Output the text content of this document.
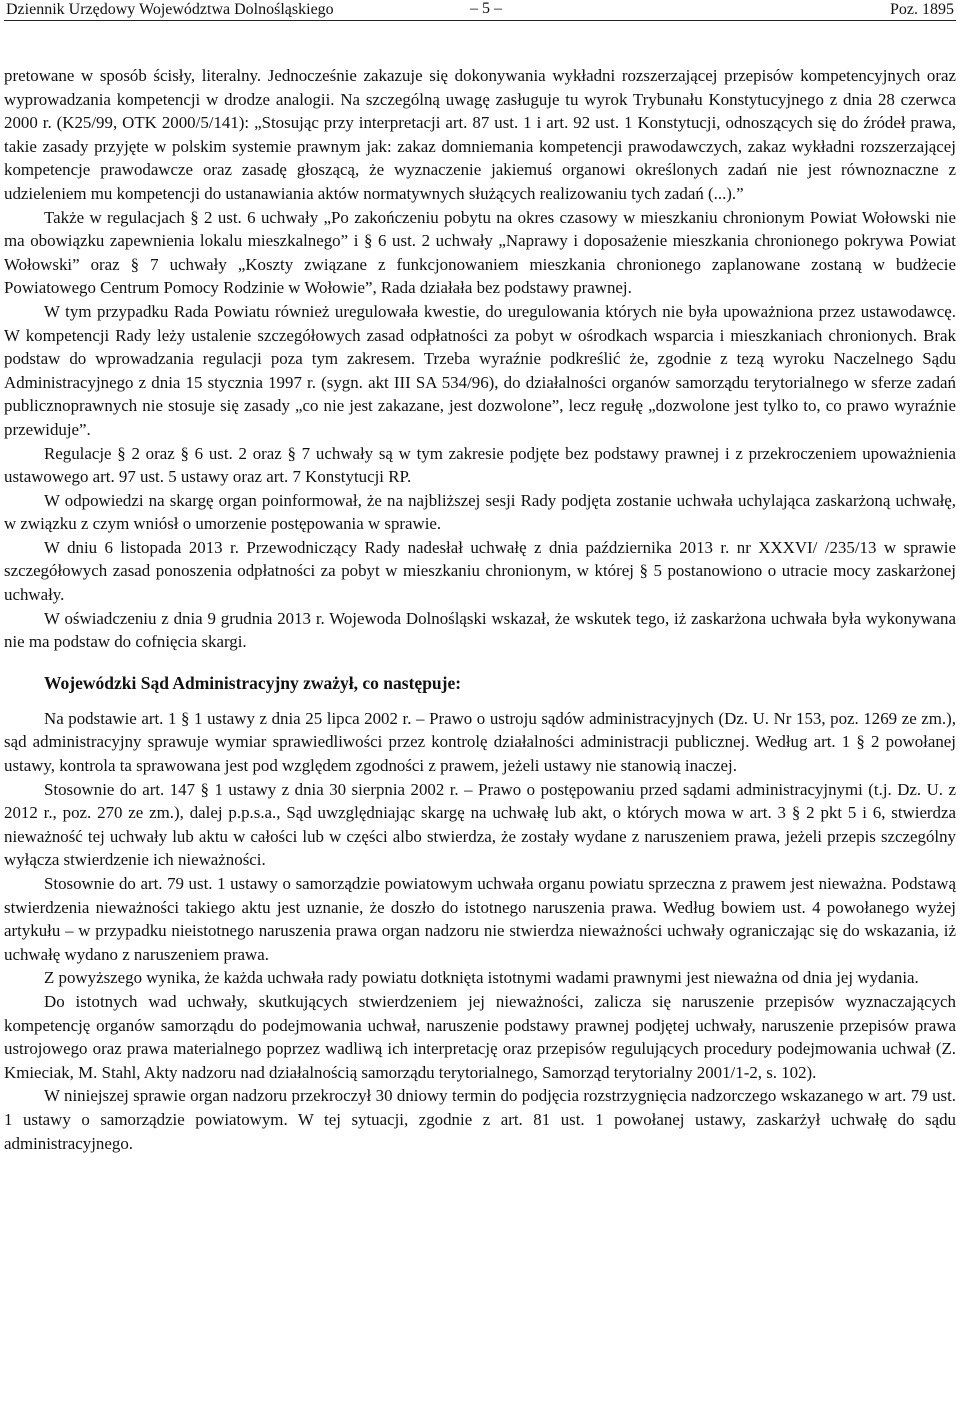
Dziennik Urzędowy Województwa Dolnośląskiego	– 5 –	Poz. 1895

pretowane w sposób ścisły, literalny. Jednocześnie zakazuje się dokonywania wykładni rozszerzającej przepisów kompetencyjnych oraz wyprowadzania kompetencji w drodze analogii. Na szczególną uwagę zasługuje tu wyrok Trybunału Konstytucyjnego z dnia 28 czerwca 2000 r. (K25/99, OTK 2000/5/141): „Stosując przy interpretacji art. 87 ust. 1 i art. 92 ust. 1 Konstytucji, odnoszących się do źródeł prawa, takie zasady przyjęte w polskim systemie prawnym jak: zakaz domniemania kompetencji prawodawczych, zakaz wykładni rozszerzającej kompetencje prawodawcze oraz zasadę głoszącą, że wyznaczenie jakiemuś organowi określonych zadań nie jest równoznaczne z udzieleniem mu kompetencji do ustanawiania aktów normatywnych służących realizowaniu tych zadań (...).”

Także w regulacjach § 2 ust. 6 uchwały „Po zakończeniu pobytu na okres czasowy w mieszkaniu chronionym Powiat Wołowski nie ma obowiązku zapewnienia lokalu mieszkalnego” i § 6 ust. 2 uchwały „Naprawy i doposażenie mieszkania chronionego pokrywa Powiat Wołowski” oraz § 7 uchwały „Koszty związane z funkcjonowaniem mieszkania chronionego zaplanowane zostaną w budżecie Powiatowego Centrum Pomocy Rodzinie w Wołowie”, Rada działała bez podstawy prawnej.

W tym przypadku Rada Powiatu również uregulowała kwestie, do uregulowania których nie była upoważniona przez ustawodawcę. W kompetencji Rady leży ustalenie szczegółowych zasad odpłatności za pobyt w ośrodkach wsparcia i mieszkaniach chronionych. Brak podstaw do wprowadzania regulacji poza tym zakresem. Trzeba wyraźnie podkreślić że, zgodnie z tezą wyroku Naczelnego Sądu Administracyjnego z dnia 15 stycznia 1997 r. (sygn. akt III SA 534/96), do działalności organów samorządu terytorialnego w sferze zadań publicznoprawnych nie stosuje się zasady „co nie jest zakazane, jest dozwolone”, lecz regułę „dozwolone jest tylko to, co prawo wyraźnie przewiduje”.

Regulacje § 2 oraz § 6 ust. 2 oraz § 7 uchwały są w tym zakresie podjęte bez podstawy prawnej i z przekroczeniem upoważnienia ustawowego art. 97 ust. 5 ustawy oraz art. 7 Konstytucji RP.

W odpowiedzi na skargę organ poinformował, że na najbliższej sesji Rady podjęta zostanie uchwała uchylająca zaskarżoną uchwałę, w związku z czym wniósł o umorzenie postępowania w sprawie.

W dniu 6 listopada 2013 r. Przewodniczący Rady nadesłał uchwałę z dnia października 2013 r. nr XXXVI/ /235/13 w sprawie szczegółowych zasad ponoszenia odpłatności za pobyt w mieszkaniu chronionym, w której § 5 postanowiono o utracie mocy zaskarżonej uchwały.

W oświadczeniu z dnia 9 grudnia 2013 r. Wojewoda Dolnośląski wskazał, że wskutek tego, iż zaskarżona uchwała była wykonywana nie ma podstaw do cofnięcia skargi.

Wojewódzki Sąd Administracyjny zważył, co następuje:

Na podstawie art. 1 § 1 ustawy z dnia 25 lipca 2002 r. – Prawo o ustroju sądów administracyjnych (Dz. U. Nr 153, poz. 1269 ze zm.), sąd administracyjny sprawuje wymiar sprawiedliwości przez kontrolę działalności administracji publicznej. Według art. 1 § 2 powołanej ustawy, kontrola ta sprawowana jest pod względem zgodności z prawem, jeżeli ustawy nie stanowią inaczej.

Stosownie do art. 147 § 1 ustawy z dnia 30 sierpnia 2002 r. – Prawo o postępowaniu przed sądami administracyjnymi (t.j. Dz. U. z 2012 r., poz. 270 ze zm.), dalej p.p.s.a., Sąd uwzględniając skargę na uchwałę lub akt, o których mowa w art. 3 § 2 pkt 5 i 6, stwierdza nieważność tej uchwały lub aktu w całości lub w części albo stwierdza, że zostały wydane z naruszeniem prawa, jeżeli przepis szczególny wyłącza stwierdzenie ich nieważności.

Stosownie do art. 79 ust. 1 ustawy o samorządzie powiatowym uchwała organu powiatu sprzeczna z prawem jest nieważna. Podstawą stwierdzenia nieważności takiego aktu jest uznanie, że doszło do istotnego naruszenia prawa. Według bowiem ust. 4 powołanego wyżej artykułu – w przypadku nieistotnego naruszenia prawa organ nadzoru nie stwierdza nieważności uchwały ograniczając się do wskazania, iż uchwałę wydano z naruszeniem prawa.

Z powyższego wynika, że każda uchwała rady powiatu dotknięta istotnymi wadami prawnymi jest nieważna od dnia jej wydania.

Do istotnych wad uchwały, skutkujących stwierdzeniem jej nieważności, zalicza się naruszenie przepisów wyznaczających kompetencję organów samorządu do podejmowania uchwał, naruszenie podstawy prawnej podjętej uchwały, naruszenie przepisów prawa ustrojowego oraz prawa materialnego poprzez wadliwą ich interpretację oraz przepisów regulujących procedury podejmowania uchwał (Z. Kmieciak, M. Stahl, Akty nadzoru nad działalnością samorządu terytorialnego, Samorząd terytorialny 2001/1-2, s. 102).

W niniejszej sprawie organ nadzoru przekroczył 30 dniowy termin do podjęcia rozstrzygnięcia nadzorczego wskazanego w art. 79 ust. 1 ustawy o samorządzie powiatowym. W tej sytuacji, zgodnie z art. 81 ust. 1 powołanej ustawy, zaskarżył uchwałę do sądu administracyjnego.
